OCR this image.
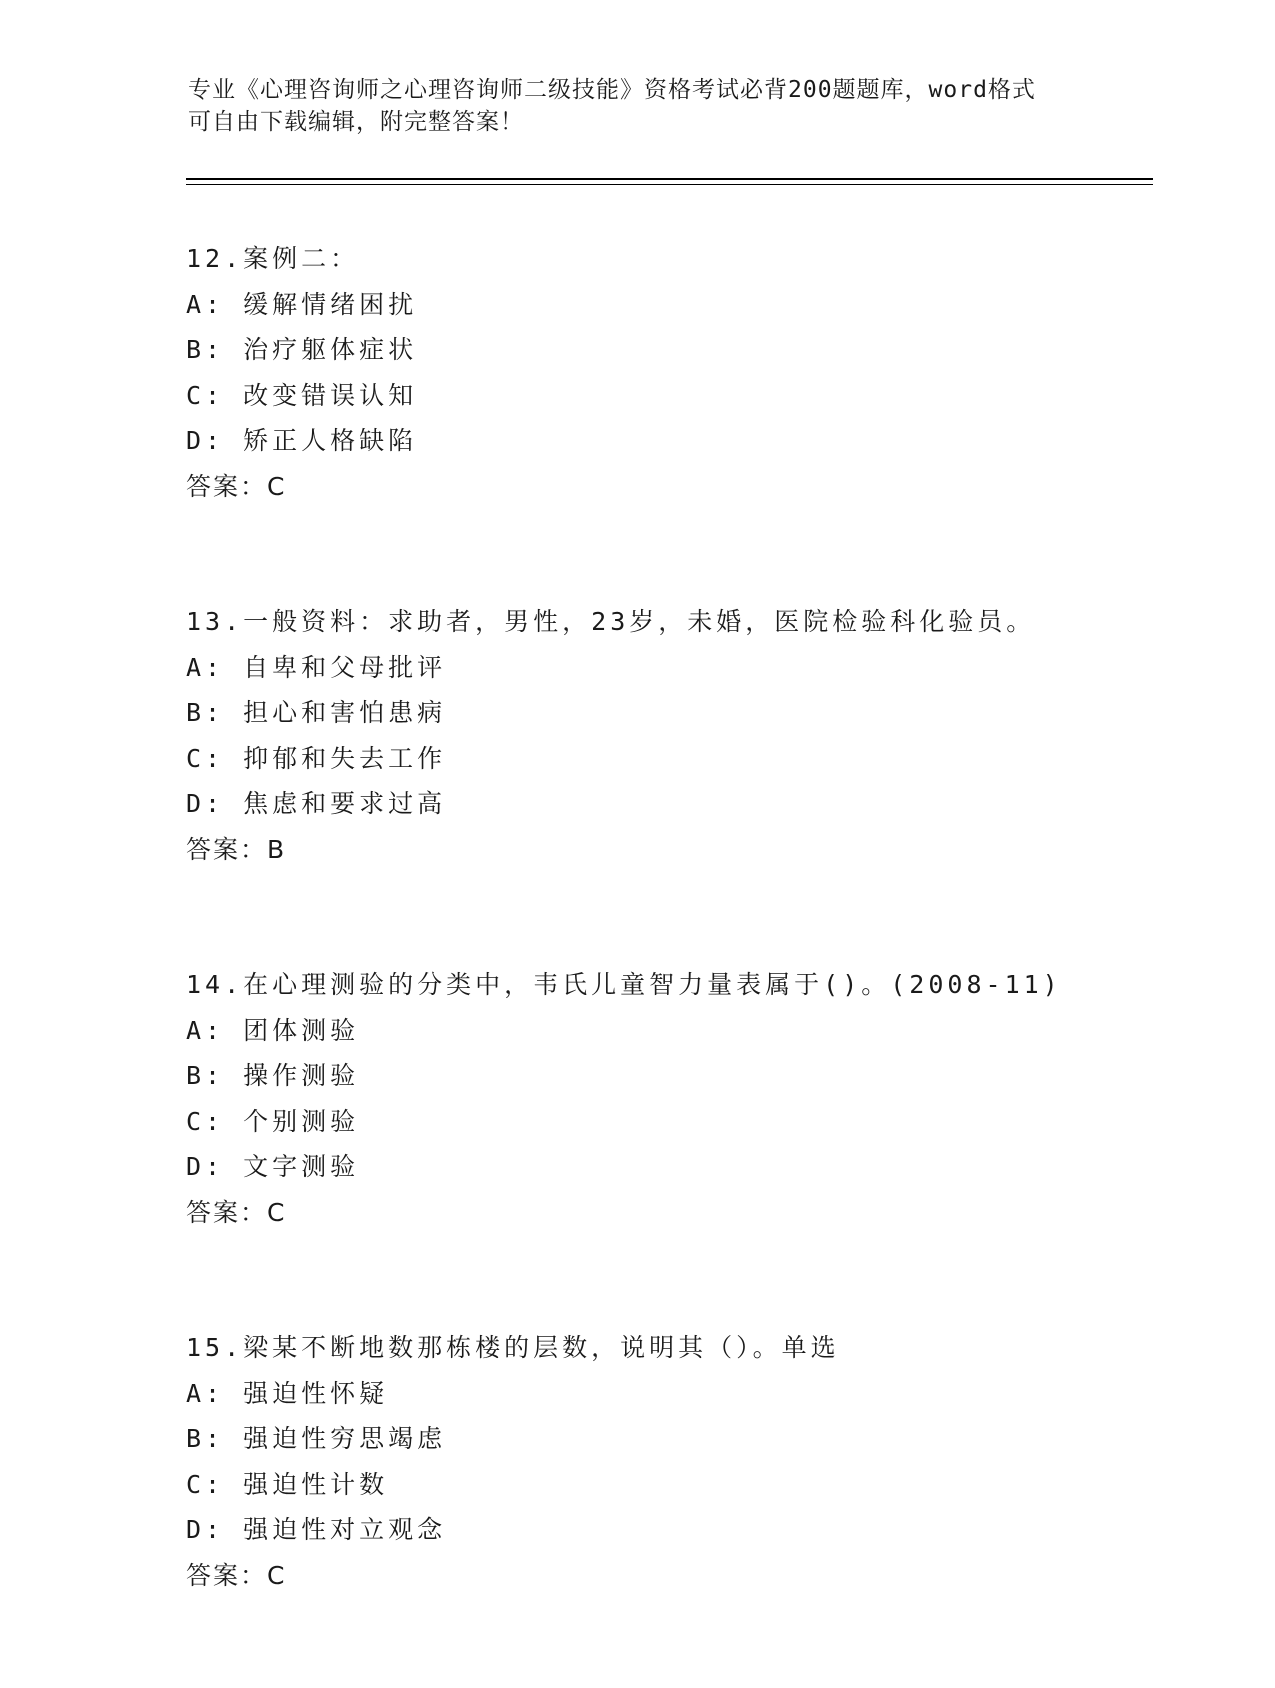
专业《心理咨询师之心理咨询师二级技能》资格考试必背200题题库，word格式

可自由下载编辑，附完整答案！

12.案例二：
A: 缓解情绪困扰
B: 治疗躯体症状
C: 改变错误认知
D: 矫正人格缺陷
答案：C
13.一般资料：求助者，男性，23岁，未婚，医院检验科化验员。
A: 自卑和父母批评
B: 担心和害怕患病
C: 抑郁和失去工作
D: 焦虑和要求过高
答案：B
14.在心理测验的分类中，韦氏儿童智力量表属于()。(2008-11)
A: 团体测验
B: 操作测验
C: 个别测验
D: 文字测验
答案：C
15.梁某不断地数那栋楼的层数，说明其（）。单选
A: 强迫性怀疑
B: 强迫性穷思竭虑
C: 强迫性计数
D: 强迫性对立观念
答案：C
